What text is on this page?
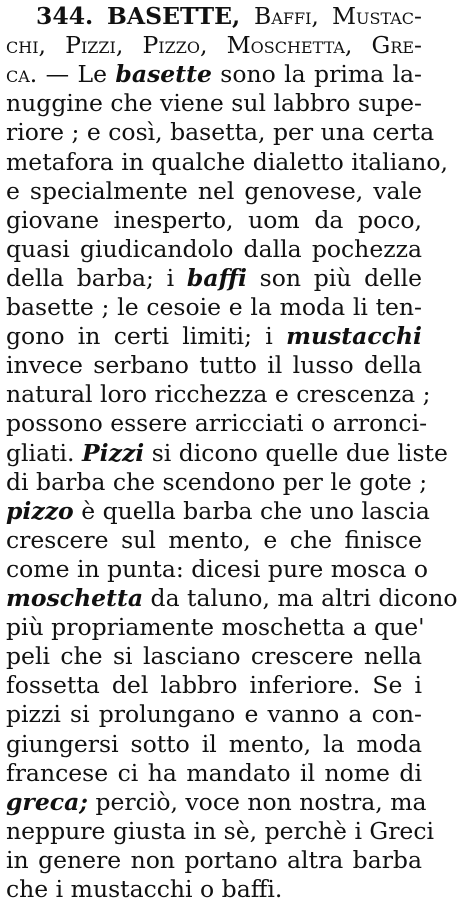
344. BASETTE, Baffi, Mustac-
chi, Pizzi, Pizzo, Moschetta, Gre-
ca. — Le basette sono la prima la-
nuggine che viene sul labbro supe-
riore ; e così, basetta, per una certa
metafora in qualche dialetto italiano,
e specialmente nel genovese, vale
giovane inesperto, uom da poco,
quasi giudicandolo dalla pochezza
della barba; i baffi son più delle
basette ; le cesoie e la moda li ten-
gono in certi limiti; i mustacchi
invece serbano tutto il lusso della
natural loro ricchezza e crescenza ;
possono essere arricciati o arronci-
gliati. Pizzi si dicono quelle due liste
di barba che scendono per le gote ;
pizzo è quella barba che uno lascia
crescere sul mento, e che finisce
come in punta: dicesi pure mosca o
moschetta da taluno, ma altri dicono
più propriamente moschetta a que'
peli che si lasciano crescere nella
fossetta del labbro inferiore. Se i
pizzi si prolungano e vanno a con-
giungersi sotto il mento, la moda
francese ci ha mandato il nome di
greca; perciò, voce non nostra, ma
neppure giusta in sè, perchè i Greci
in genere non portano altra barba
che i mustacchi o baffi.
